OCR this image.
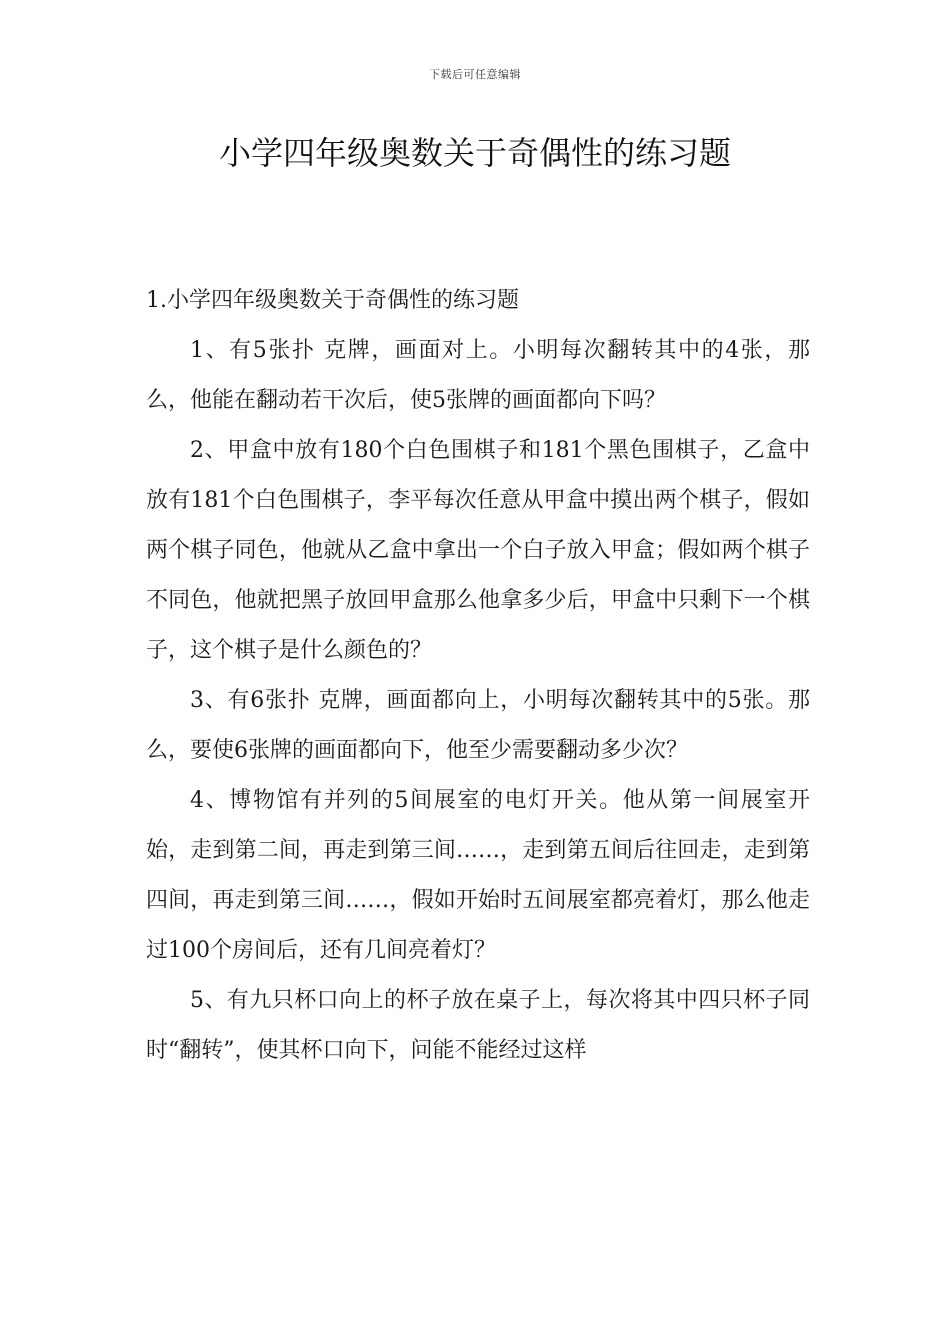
下载后可任意编辑
小学四年级奥数关于奇偶性的练习题

1.小学四年级奥数关于奇偶性的练习题

1、有5张扑 克牌，画面对上。小明每次翻转其中的4张，那么，他能在翻动若干次后，使5张牌的画面都向下吗？

2、甲盒中放有180个白色围棋子和181个黑色围棋子，乙盒中放有181个白色围棋子，李平每次任意从甲盒中摸出两个棋子，假如两个棋子同色，他就从乙盒中拿出一个白子放入甲盒；假如两个棋子不同色，他就把黑子放回甲盒那么他拿多少后，甲盒中只剩下一个棋子，这个棋子是什么颜色的？

3、有6张扑 克牌，画面都向上，小明每次翻转其中的5张。那么，要使6张牌的画面都向下，他至少需要翻动多少次？

4、博物馆有并列的5间展室的电灯开关。他从第一间展室开始，走到第二间，再走到第三间……，走到第五间后往回走，走到第四间，再走到第三间……，假如开始时五间展室都亮着灯，那么他走过100个房间后，还有几间亮着灯？

5、有九只杯口向上的杯子放在桌子上，每次将其中四只杯子同时“翻转”，使其杯口向下，问能不能经过这样
